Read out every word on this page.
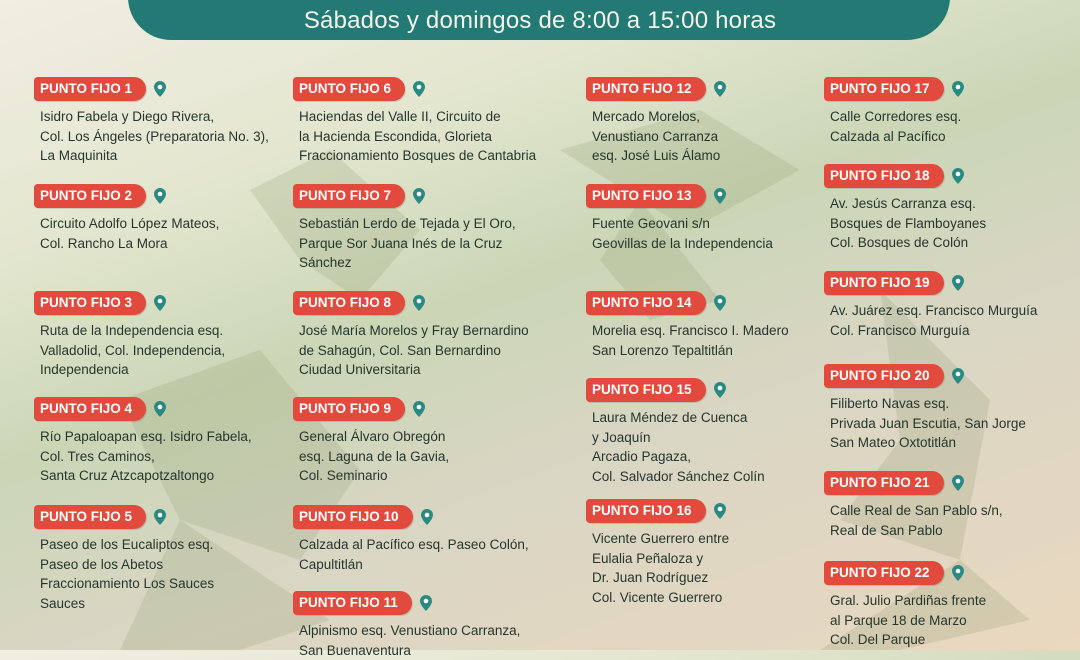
Sábados y domingos de 8:00 a 15:00 horas
PUNTO FIJO 1
Isidro Fabela y Diego Rivera,
Col. Los Ángeles (Preparatoria No. 3),
La Maquinita
PUNTO FIJO 2
Circuito Adolfo López Mateos,
Col. Rancho La Mora
PUNTO FIJO 3
Ruta de la Independencia esq.
Valladolid, Col. Independencia,
Independencia
PUNTO FIJO 4
Río Papaloapan esq. Isidro Fabela,
Col. Tres Caminos,
Santa Cruz Atzcapotzaltongo
PUNTO FIJO 5
Paseo de los Eucaliptos esq.
Paseo de los Abetos
Fraccionamiento Los Sauces
Sauces
PUNTO FIJO 6
Haciendas del Valle II, Circuito de
la Hacienda Escondida, Glorieta
Fraccionamiento Bosques de Cantabria
PUNTO FIJO 7
Sebastián Lerdo de Tejada y El Oro,
Parque Sor Juana Inés de la Cruz
Sánchez
PUNTO FIJO 8
José María Morelos y Fray Bernardino
de Sahagún, Col. San Bernardino
Ciudad Universitaria
PUNTO FIJO 9
General Álvaro Obregón
esq. Laguna de la Gavia,
Col. Seminario
PUNTO FIJO 10
Calzada al Pacífico esq. Paseo Colón,
Capultitlán
PUNTO FIJO 11
Alpinismo esq. Venustiano Carranza,
San Buenaventura
PUNTO FIJO 12
Mercado Morelos,
Venustiano Carranza
esq. José Luis Álamo
PUNTO FIJO 13
Fuente Geovani s/n
Geovillas de la Independencia
PUNTO FIJO 14
Morelia esq. Francisco I. Madero
San Lorenzo Tepaltitlán
PUNTO FIJO 15
Laura Méndez de Cuenca
y Joaquín
Arcadio Pagaza,
Col. Salvador Sánchez Colín
PUNTO FIJO 16
Vicente Guerrero entre
Eulalia Peñaloza y
Dr. Juan Rodríguez
Col. Vicente Guerrero
PUNTO FIJO 17
Calle Corredores esq.
Calzada al Pacífico
PUNTO FIJO 18
Av. Jesús Carranza esq.
Bosques de Flamboyanes
Col. Bosques de Colón
PUNTO FIJO 19
Av. Juárez esq. Francisco Murguía
Col. Francisco Murguía
PUNTO FIJO 20
Filiberto Navas esq.
Privada Juan Escutia, San Jorge
San Mateo Oxtotitlán
PUNTO FIJO 21
Calle Real de San Pablo s/n,
Real de San Pablo
PUNTO FIJO 22
Gral. Julio Pardiñas frente
al Parque 18 de Marzo
Col. Del Parque
